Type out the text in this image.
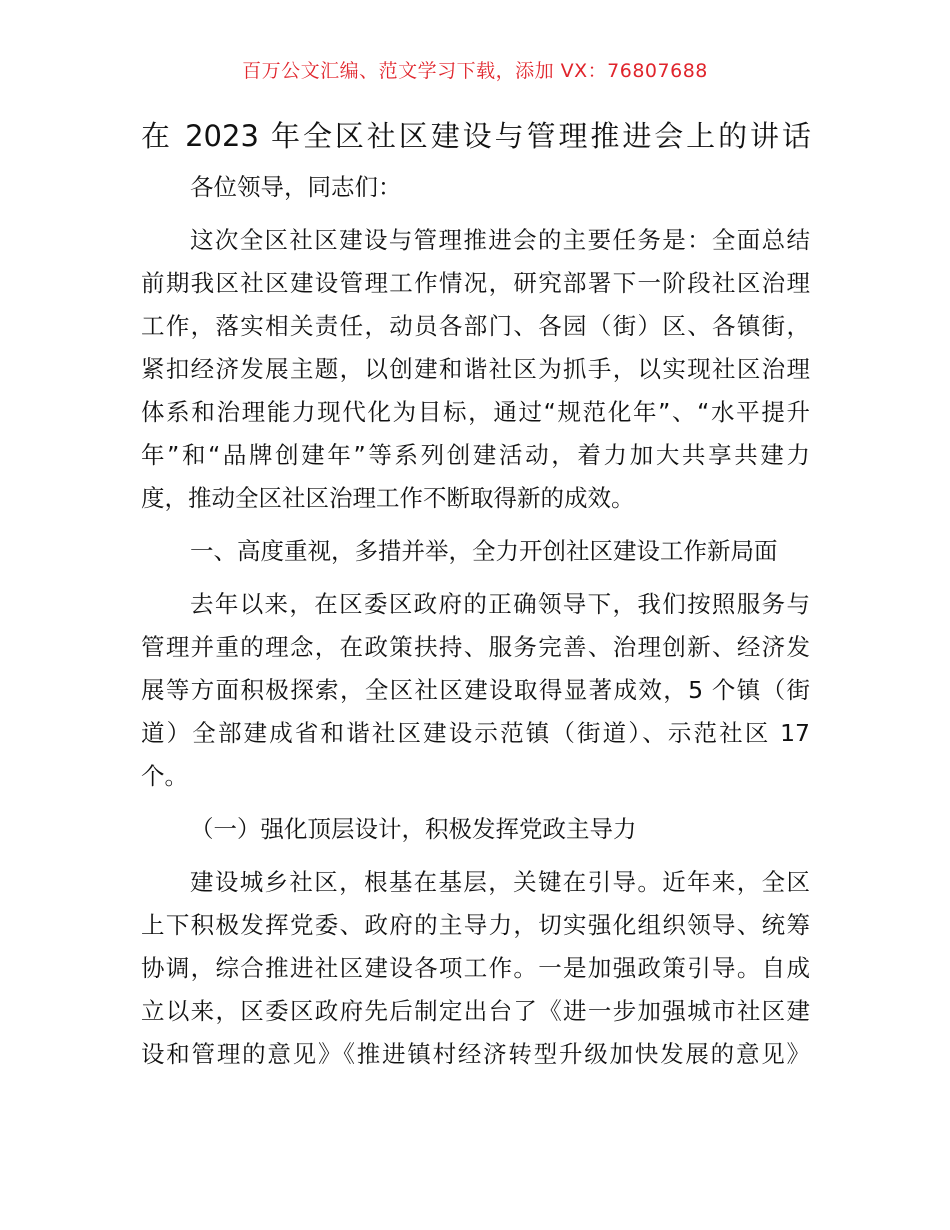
百万公文汇编、范文学习下载，添加 VX：76807688
在 2023 年全区社区建设与管理推进会上的讲话
各位领导，同志们：
这次全区社区建设与管理推进会的主要任务是：全面总结
前期我区社区建设管理工作情况，研究部署下一阶段社区治理
工作，落实相关责任，动员各部门、各园（街）区、各镇街，
紧扣经济发展主题，以创建和谐社区为抓手，以实现社区治理
体系和治理能力现代化为目标，通过“规范化年”、“水平提升
年”和“品牌创建年”等系列创建活动，着力加大共享共建力
度，推动全区社区治理工作不断取得新的成效。
一、高度重视，多措并举，全力开创社区建设工作新局面
去年以来，在区委区政府的正确领导下，我们按照服务与
管理并重的理念，在政策扶持、服务完善、治理创新、经济发
展等方面积极探索，全区社区建设取得显著成效，5 个镇（街
道）全部建成省和谐社区建设示范镇（街道）、示范社区 17
个。
（一）强化顶层设计，积极发挥党政主导力
建设城乡社区，根基在基层，关键在引导。近年来，全区
上下积极发挥党委、政府的主导力，切实强化组织领导、统筹
协调，综合推进社区建设各项工作。一是加强政策引导。自成
立以来，区委区政府先后制定出台了《进一步加强城市社区建
设和管理的意见》《推进镇村经济转型升级加快发展的意见》
